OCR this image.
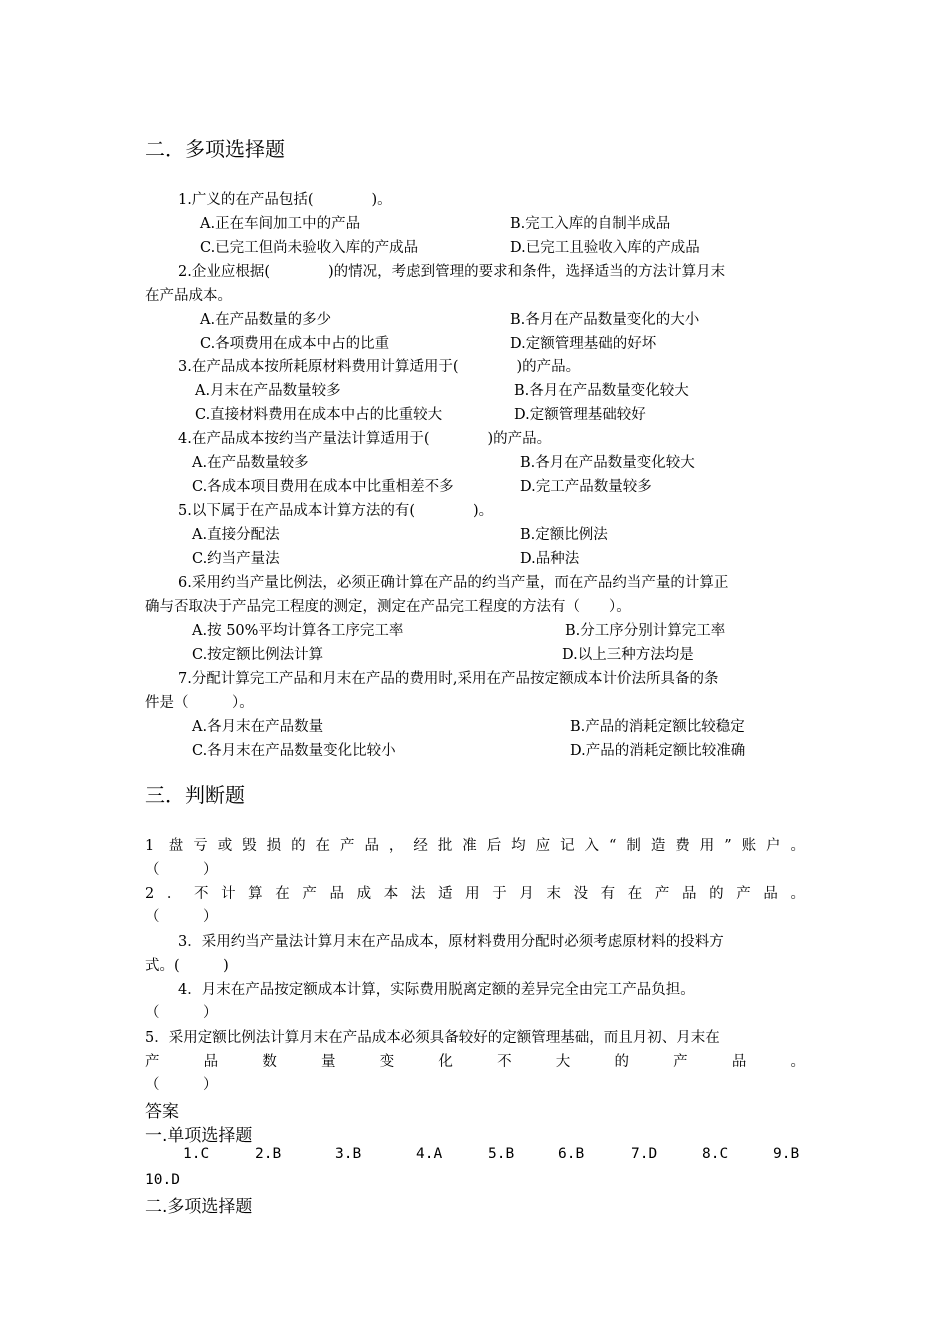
二．多项选择题
1.广义的在产品包括(　　　　)。
A.正在车间加工中的产品	B.完工入库的自制半成品
C.已完工但尚未验收入库的产成品	D.已完工且验收入库的产成品
2.企业应根据(　　　　)的情况，考虑到管理的要求和条件，选择适当的方法计算月末
在产品成本。
A.在产品数量的多少	B.各月在产品数量变化的大小
C.各项费用在成本中占的比重	D.定额管理基础的好坏
3.在产品成本按所耗原材料费用计算适用于(　　　　)的产品。
A.月末在产品数量较多	B.各月在产品数量变化较大
C.直接材料费用在成本中占的比重较大	D.定额管理基础较好
4.在产品成本按约当产量法计算适用于(　　　　)的产品。
A.在产品数量较多	B.各月在产品数量变化较大
C.各成本项目费用在成本中比重相差不多	D.完工产品数量较多
5.以下属于在产品成本计算方法的有(　　　　)。
A.直接分配法	B.定额比例法
C.约当产量法	D.品种法
6.采用约当产量比例法，必须正确计算在产品的约当产量，而在产品约当产量的计算正
确与否取决于产品完工程度的测定，测定在产品完工程度的方法有（　　）。
A.按 50%平均计算各工序完工率	B.分工序分别计算完工率
C.按定额比例法计算	D.以上三种方法均是
7.分配计算完工产品和月末在产品的费用时,采用在产品按定额成本计价法所具备的条
件是（　　　）。
A.各月末在产品数量	B.产品的消耗定额比较稳定
C.各月末在产品数量变化比较小	D.产品的消耗定额比较准确
三．判断题
1 盘亏或毁损的在产品，经批准后均应记入“制造费用”账户。
（　　　）
2．不计算在产品成本法适用于月末没有在产品的产品。
（　　　）
3．采用约当产量法计算月末在产品成本，原材料费用分配时必须考虑原材料的投料方
式。(　　　)
4．月末在产品按定额成本计算，实际费用脱离定额的差异完全由完工产品负担。
（　　　）
5．采用定额比例法计算月末在产品成本必须具备较好的定额管理基础，而且月初、月末在
产品数量变化不大的产品。
（　　　）
答案
一.单项选择题
1.C	2.B	3.B	4.A	5.B	6.B	7.D	8.C	9.B
10.D
二.多项选择题
